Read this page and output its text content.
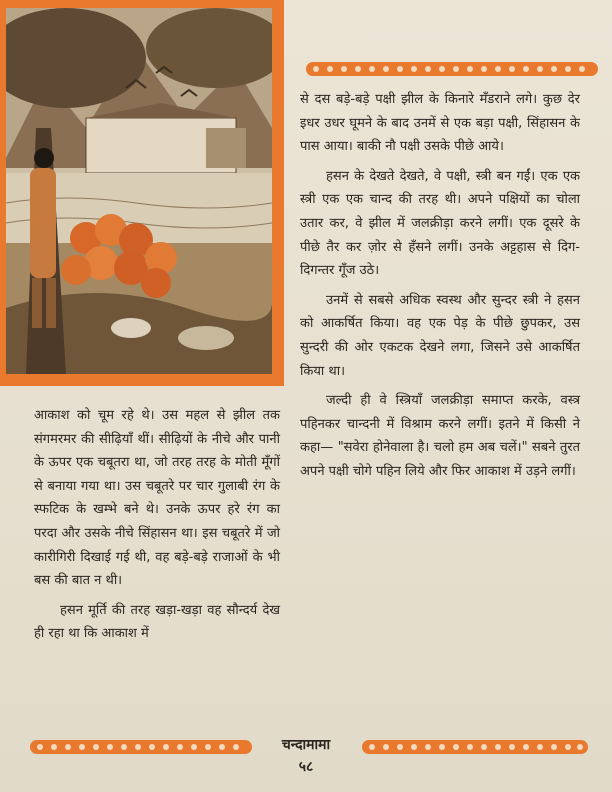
से दस बड़े-बड़े पक्षी झील के किनारे मँडराने लगे। कुछ देर इधर उधर घूमने के बाद उनमें से एक बड़ा पक्षी, सिंहासन के पास आया। बाकी नौ पक्षी उसके पीछे आये।

हसन के देखते देखते, वे पक्षी, स्त्री बन गईं। एक एक स्त्री एक एक चान्द की तरह थी। अपने पक्षियों का चोला उतार कर, वे झील में जलक्रीड़ा करने लगीं। एक दूसरे के पीछे तैर कर ज़ोर से हँसने लगीं। उनके अट्टहास से दिग-दिगन्तर गूँज उठे।

उनमें से सबसे अधिक स्वस्थ और सुन्दर स्त्री ने हसन को आकर्षित किया। वह एक पेड़ के पीछे छुपकर, उस सुन्दरी की ओर एकटक देखने लगा, जिसने उसे आकर्षित किया था।

जल्दी ही वे स्त्रियाँ जलक्रीड़ा समाप्त करके, वस्त्र पहिनकर चान्दनी में विश्राम करने लगीं। इतने में किसी ने कहा— "सवेरा होनेवाला है। चलो हम अब चलें।" सबने तुरत अपने पक्षी चोगे पहिन लिये और फिर आकाश में उड़ने लगीं।

आकाश को चूम रहे थे। उस महल से झील तक संगमरमर की सीढ़ियाँ थीं। सीढ़ियों के नीचे और पानी के ऊपर एक चबूतरा था, जो तरह तरह के मोती मूँगों से बनाया गया था। उस चबूतरे पर चार गुलाबी रंग के स्फटिक के खम्भे बने थे। उनके ऊपर हरे रंग का परदा और उसके नीचे सिंहासन था। इस चबूतरे में जो कारीगिरी दिखाई गई थी, वह बड़े-बड़े राजाओं के भी बस की बात न थी।

हसन मूर्ति की तरह खड़ा-खड़ा वह सौन्दर्य देख ही रहा था कि आकाश में

चन्दामामा
५८
